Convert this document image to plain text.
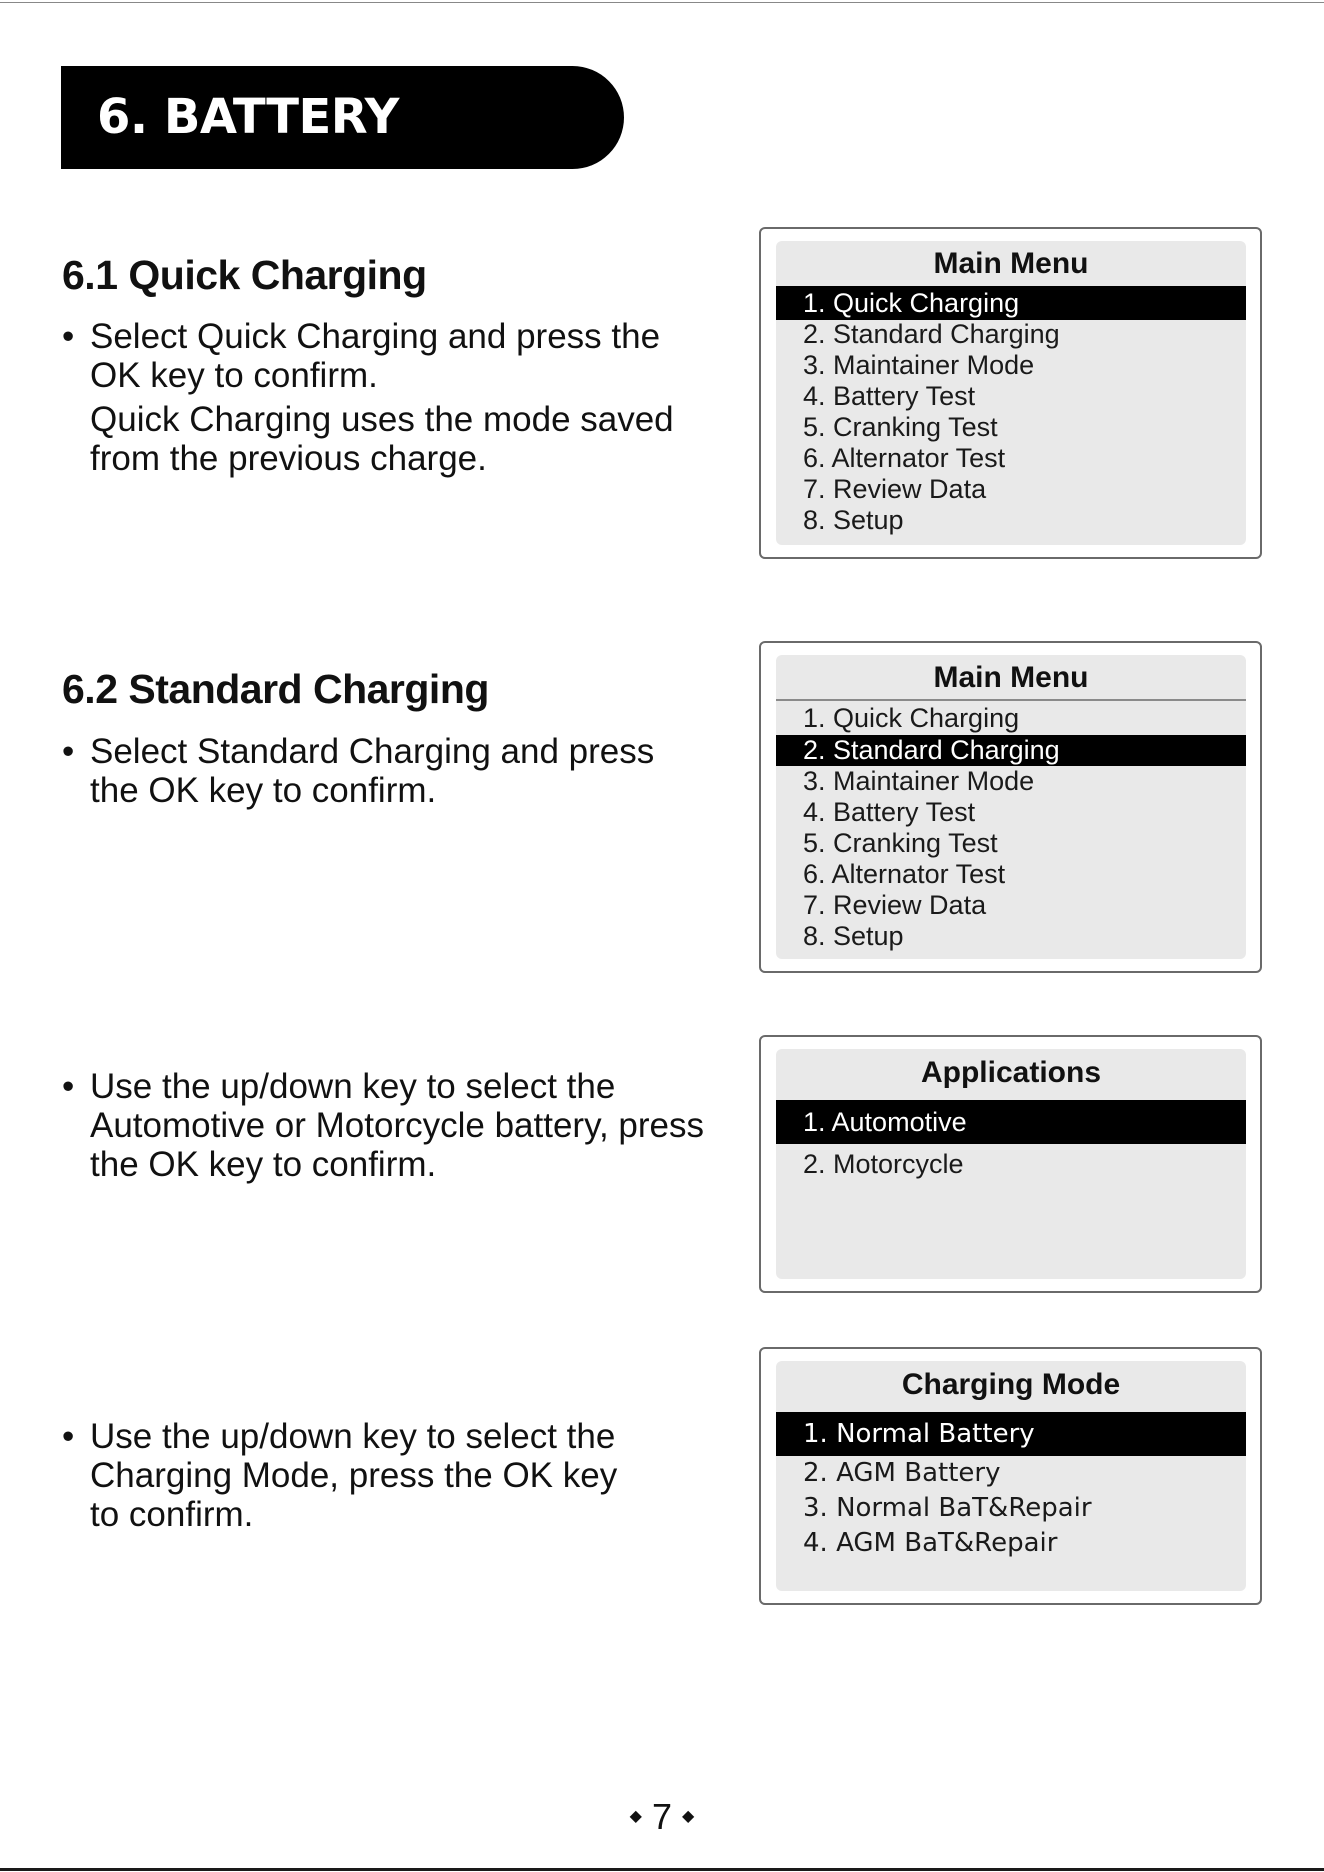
6. BATTERY CHARGE
6.1 Quick Charging
• Select Quick Charging and press the
OK key to confirm.
Quick Charging uses the mode saved
from the previous charge.
Main Menu
1. Quick Charging
2. Standard Charging
3. Maintainer Mode
4. Battery Test
5. Cranking Test
6. Alternator Test
7. Review Data
8. Setup
6.2 Standard Charging
• Select Standard Charging and press
the OK key to confirm.
Main Menu
1. Quick Charging
2. Standard Charging
3. Maintainer Mode
4. Battery Test
5. Cranking Test
6. Alternator Test
7. Review Data
8. Setup
• Use the up/down key to select the
Automotive or Motorcycle battery, press
the OK key to confirm.
Applications
1. Automotive
2. Motorcycle
• Use the up/down key to select the
Charging Mode, press the OK key
to confirm.
Charging Mode
1. Normal Battery
2. AGM Battery
3. Normal BaT&Repair
4. AGM BaT&Repair
◆ 7 ◆
